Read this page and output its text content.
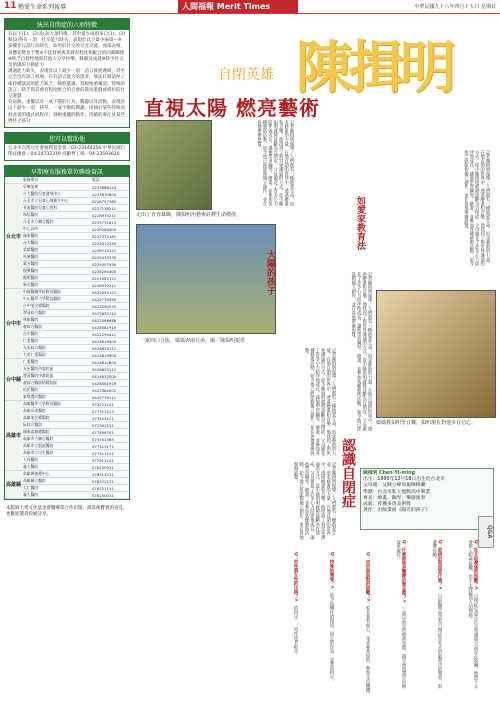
11 熱愛生命系列報導	人間福報 Merit Times	中華民國九十六年四月十五日 星期日
統出自閉症的六項特徵

有以下(1)、(2)及(3)大項特徵，其中最少兩項來自(1)、(2)和(3)各有一項：社交能力缺失、表現於以下最少兩項—※多種非言語行爲缺失，如用於社交的目光交流、面部表情、身體姿勢及手勢※不能發展與其發育程度相配合的同輩關係※缺乏自發性地與其他人分享快樂、興趣及成就※缺少社交及情感的互動能力

溝通能力缺失，表現於以下最少一項：語言發展遲緩，甚至完全沒有語言發展；在有語言能力的患者，無法打開話匣子或持續談話的能力缺乏；陳腔濫調，刻板地重覆詞，特殊的語言；缺乏與其發育程度配合的自發的裝扮遊戲或模仿的社交遊戲

有局限、重覆以及一成不變的行為、興趣以及活動，表現於以下最少一項：狹窄、一成不變的興趣；固執於某些特殊而無意義的儀式或程序；刻板重覆的動作；持續的專注於某些物件之部分

您可以幫助他
台北市自閉兒社會福利基金會／02-23144256 中華民國自閉症總會／04-24732319 高齡夢工場／04-23593620
早期療育服務單位聯絡資訊
	服務單位	電話
台北市	早療協會	0223866244
	台大醫院兒童發展中心	0223970600
	台北市立兒童心理衛生中心	0228757360
	長庚醫院兒童心智科	0227138211
	和信醫院	0228970211
	台北市立聯合醫院	0225771613
	中心診所	0228264400
	國泰醫院	0227372181
	台大醫院	0223312345
	榮總醫院	0228712121
	馬偕醫院	0225433535
	萬芳醫院	0229307930
	振興醫院	0228264400
	陽明醫院	0227082121
	新光醫院	0228332211
台中市	中國醫藥學院附設醫院	0422052121
	中山醫學大學附設醫院	0424739595
	台中榮民總醫院	0423592525
	澄清綜合醫院	0422632111
	林新醫院	0422586688
	童綜合醫院	0426581919
	台中醫院	0422294411
	仁愛醫院	0424819900
	光田綜合醫院	0426625111
	大里仁愛醫院	0424819900
台中縣	仁愛醫院	0424812600
	光田醫院沙鹿院區	0426625111
	澄清醫院中港院區	0424632000
	童綜合醫院梧棲院區	0426581919
	佑民醫院	0423382001
	東勢農民醫院	0425776111
高雄市	高雄醫學大學附設醫院	073121101
	高雄長庚醫院	077317123
	高雄榮民總醫院	073422121
	阮綜合醫院	072351131
	國軍高雄總醫院	077496751
	高雄市立聯合醫院	075552565
	高雄市立凱旋醫院	077513171
	高雄市立民生醫院	077511131
	大同醫院	072911101
	義大醫院	076150011
高雄縣	高雄縣復健中心	076514211
	高雄縣立醫院	076222131
	大仁醫院	076121111
	義大醫院	076150011
本版與大愛文化基金會醫療部合作出版，與其他寶貴的意見，也歡迎讀者投稿分享。
陳揖明
自閉英雄
直視太陽 燃亮藝術
走出了青春暴躁，陳揖明用藝術詮釋生命價值。
一家四口合影，媽媽與兩兄弟。圖／陳揖明提供
媽媽教揖明學音樂，揖明現在對他多有信心。
大陽的孩子
如愛家教育法
認識自閉症
記者陳揖明報導／人們都有一種熱愛生命、追求藝術的力量，在他自閉的世界中，透過繪畫和音樂，他找到了與世界溝通的方式。從小陳揖明就被診斷為自閉症，父母親花了許多心力陪伴他成長，讓他學習鋼琴、繪畫，並參加各種藝術活動。如今他已經能夠獨立創作，並在各地舉辦展覽。
記者陳揖明報導／人們都有一種熱愛生命、追求藝術的力量，在他自閉的世界中，透過繪畫和音樂，他找到了與世界溝通的方式。從小陳揖明就被診斷為自閉症，父母親花了許多心力陪伴他成長，讓他學習鋼琴、繪畫，並參加各種藝術活動。如今他已經能夠獨立創作，並在各地舉辦展覽。
記者陳揖明報導／人們都有一種熱愛生命、追求藝術的力量，在他自閉的世界中，透過繪畫和音樂，他找到了與世界溝通的方式。從小陳揖明就被診斷為自閉症，父母親花了許多心力陪伴他成長，讓他學習鋼琴、繪畫，並參加各種藝術活動。如今他已經能夠獨立創作，並在各地舉辦展覽。
記者陳揖明報導／人們都有一種熱愛生命、追求藝術的力量，在他自閉的世界中，透過繪畫和音樂，他找到了與世界溝通的方式。從小陳揖明就被診斷為自閉症，父母親花了許多心力陪伴他成長，讓他學習鋼琴、繪畫，並參加各種藝術活動。如今他已經能夠獨立創作，並在各地舉辦展覽。
記者陳揖明報導／人們都有一種熱愛生命、追求藝術的力量，在他自閉的世界中，透過繪畫和音樂，他找到了與世界溝通的方式。從小陳揖明就被診斷為自閉症，父母親花了許多心力陪伴他成長，讓他學習鋼琴、繪畫，並參加各種藝術活動。如今他已經能夠獨立創作，並在各地舉辦展覽。	陳揖明 Chen Yi-ming
出生：1990年12月18日出生於台北市
父母親：父陳立峰母親陳梅蘭
學歷：台北市私立復興高中畢業
專長：繪畫、鋼琴、樂器演奏
成就：曾獲多項美術獎
著作：出版畫冊《陽光的孩子》
Q&A
Q：社交和溝通的困難？A：自閉症兒童在社交和溝通方面存在障礙，他們不太會與人眼神接觸，也不太理解別人的情緒。
Q：致病的原因是什麼？A：目前醫學界認為自閉症是先天的腦部功能異常，與遺傳有關。
Q：什麼時候是醫療的黃金期？A：三歲以前是治療黃金期，越早發現越早治療效果越好。
Q：如何與面對的困難？A：家長要有耐心，尋求專業協助，參加支持團體。
Q：特殊的需要？A：給予結構化的環境，固定的作息，清楚的指示。
Q：男性與女性的比例？A：約四比一，男性患者較多。
